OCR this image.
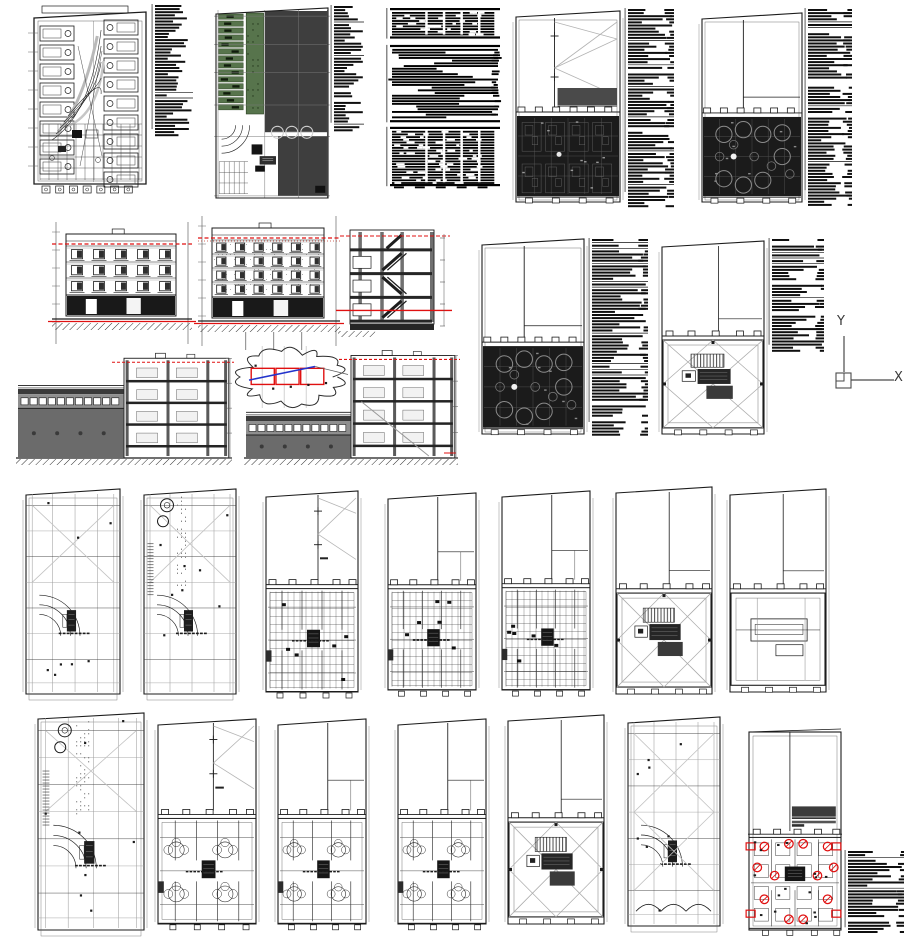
Y
X
